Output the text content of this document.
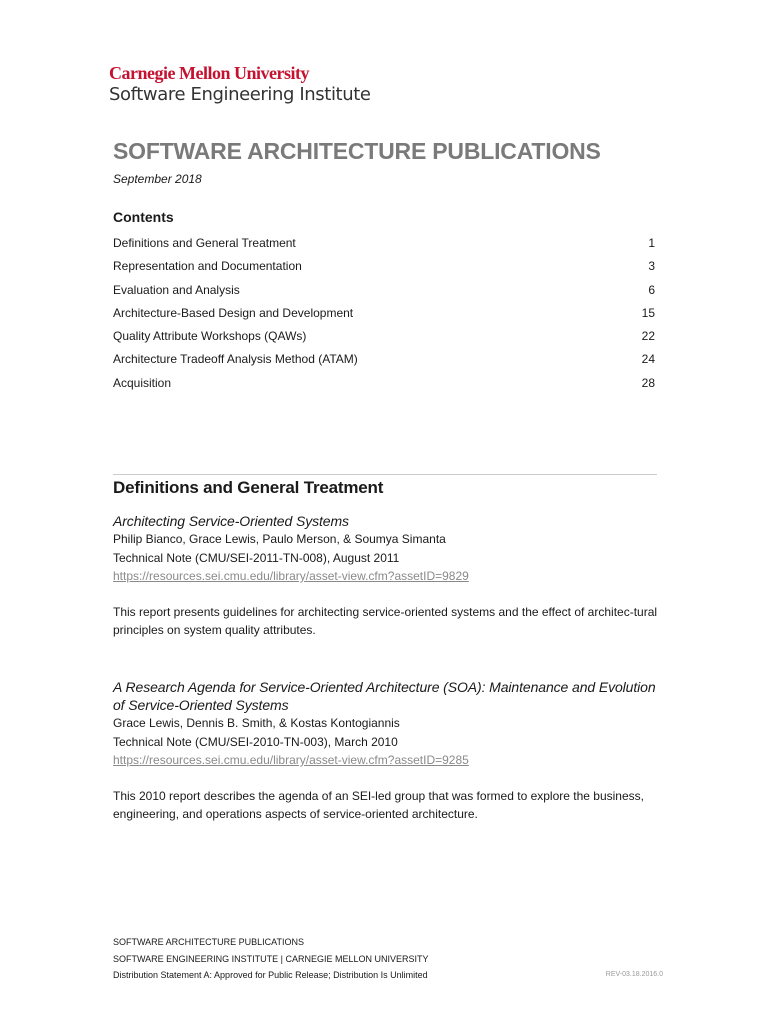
Carnegie Mellon University
Software Engineering Institute
SOFTWARE ARCHITECTURE PUBLICATIONS
September 2018
Contents
Definitions and General Treatment	1
Representation and Documentation	3
Evaluation and Analysis	6
Architecture-Based Design and Development	15
Quality Attribute Workshops (QAWs)	22
Architecture Tradeoff Analysis Method (ATAM)	24
Acquisition	28
Definitions and General Treatment
Architecting Service-Oriented Systems
Philip Bianco, Grace Lewis, Paulo Merson, & Soumya Simanta
Technical Note (CMU/SEI-2011-TN-008), August 2011
https://resources.sei.cmu.edu/library/asset-view.cfm?assetID=9829
This report presents guidelines for architecting service-oriented systems and the effect of architec-tural principles on system quality attributes.
A Research Agenda for Service-Oriented Architecture (SOA): Maintenance and Evolution of Service-Oriented Systems
Grace Lewis, Dennis B. Smith, & Kostas Kontogiannis
Technical Note (CMU/SEI-2010-TN-003), March 2010
https://resources.sei.cmu.edu/library/asset-view.cfm?assetID=9285
This 2010 report describes the agenda of an SEI-led group that was formed to explore the business, engineering, and operations aspects of service-oriented architecture.
SOFTWARE ARCHITECTURE PUBLICATIONS
SOFTWARE ENGINEERING INSTITUTE | CARNEGIE MELLON UNIVERSITY
Distribution Statement A: Approved for Public Release; Distribution Is Unlimited	REV-03.18.2016.0
